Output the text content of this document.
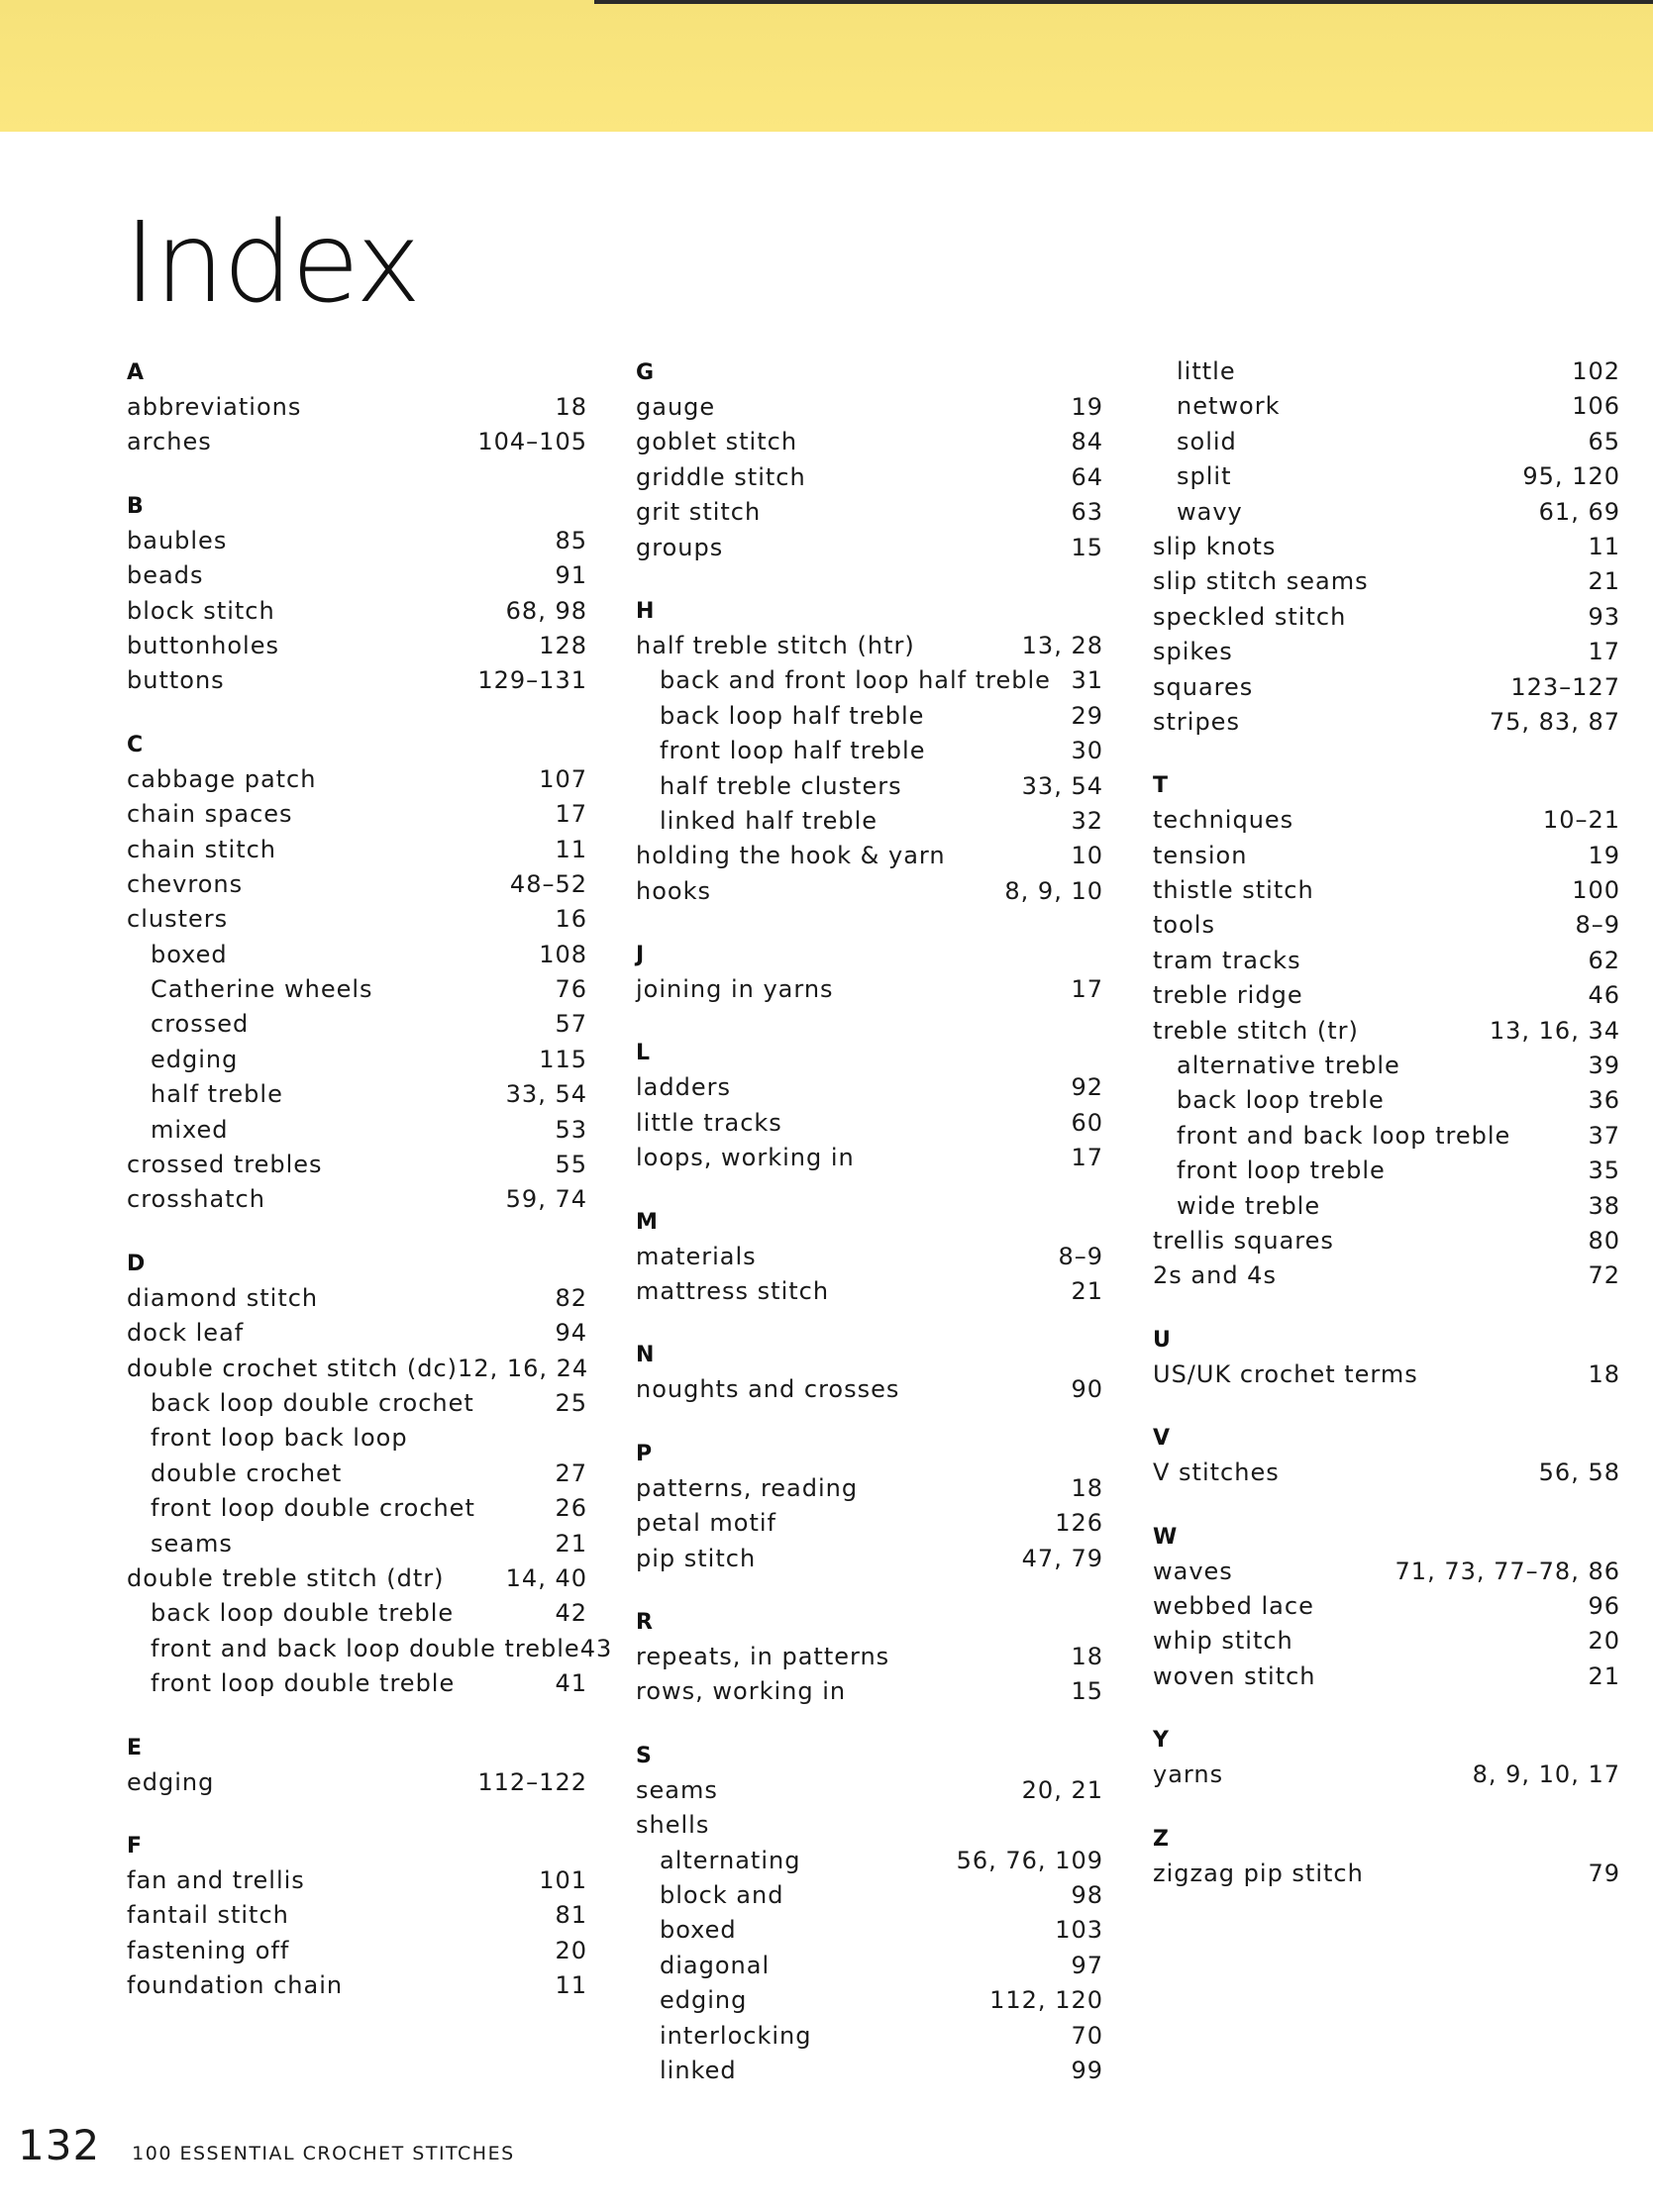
Index
A
abbreviations	18
arches	104–105
B
baubles	85
beads	91
block stitch	68, 98
buttonholes	128
buttons	129–131
C
cabbage patch	107
chain spaces	17
chain stitch	11
chevrons	48–52
clusters	16
boxed	108
Catherine wheels	76
crossed	57
edging	115
half treble	33, 54
mixed	53
crossed trebles	55
crosshatch	59, 74
D
diamond stitch	82
dock leaf	94
double crochet stitch (dc) 12, 16, 24
back loop double crochet	25
front loop back loop
double crochet	27
front loop double crochet	26
seams	21
double treble stitch (dtr)	14, 40
back loop double treble	42
front and back loop double treble 43
front loop double treble	41
E
edging	112–122
F
fan and trellis	101
fantail stitch	81
fastening off	20
foundation chain	11
G
gauge	19
goblet stitch	84
griddle stitch	64
grit stitch	63
groups	15
H
half treble stitch (htr)	13, 28
back and front loop half treble 31
back loop half treble	29
front loop half treble	30
half treble clusters	33, 54
linked half treble	32
holding the hook & yarn	10
hooks	8, 9, 10
J
joining in yarns	17
L
ladders	92
little tracks	60
loops, working in	17
M
materials	8–9
mattress stitch	21
N
noughts and crosses	90
P
patterns, reading	18
petal motif	126
pip stitch	47, 79
R
repeats, in patterns	18
rows, working in	15
S
seams	20, 21
shells
alternating	56, 76, 109
block and	98
boxed	103
diagonal	97
edging	112, 120
interlocking	70
linked	99
little	102
network	106
solid	65
split	95, 120
wavy	61, 69
slip knots	11
slip stitch seams	21
speckled stitch	93
spikes	17
squares	123–127
stripes	75, 83, 87
T
techniques	10–21
tension	19
thistle stitch	100
tools	8–9
tram tracks	62
treble ridge	46
treble stitch (tr)	13, 16, 34
alternative treble	39
back loop treble	36
front and back loop treble	37
front loop treble	35
wide treble	38
trellis squares	80
2s and 4s	72
U
US/UK crochet terms	18
V
V stitches	56, 58
W
waves	71, 73, 77–78, 86
webbed lace	96
whip stitch	20
woven stitch	21
Y
yarns	8, 9, 10, 17
Z
zigzag pip stitch	79
132 100 ESSENTIAL CROCHET STITCHES
